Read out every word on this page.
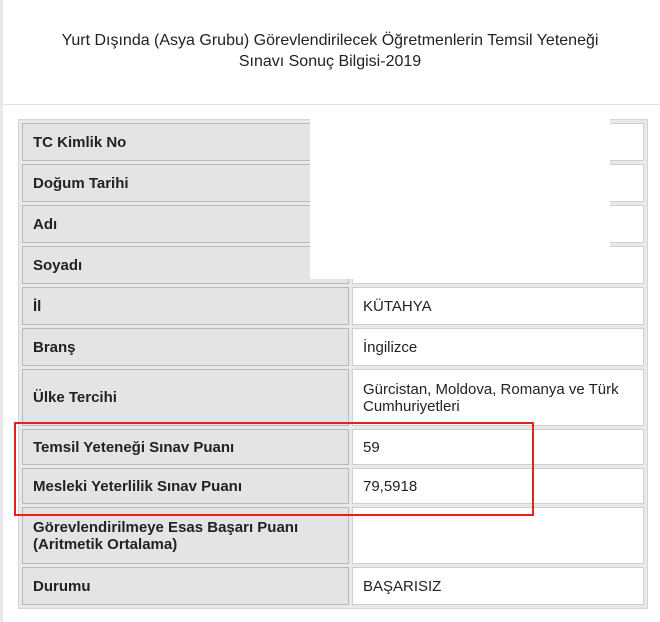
Yurt Dışında (Asya Grubu) Görevlendirilecek Öğretmenlerin Temsil Yeteneği
Sınavı Sonuç Bilgisi-2019
TC Kimlik No	
Doğum Tarihi	
Adı	
Soyadı	
İl	KÜTAHYA
Branş	İngilizce
Ülke Tercihi	Gürcistan, Moldova, Romanya ve Türk Cumhuriyetleri
Temsil Yeteneği Sınav Puanı	59
Mesleki Yeterlilik Sınav Puanı	79,5918
Görevlendirilmeye Esas Başarı Puanı (Aritmetik Ortalama)	
Durumu	BAŞARISIZ
